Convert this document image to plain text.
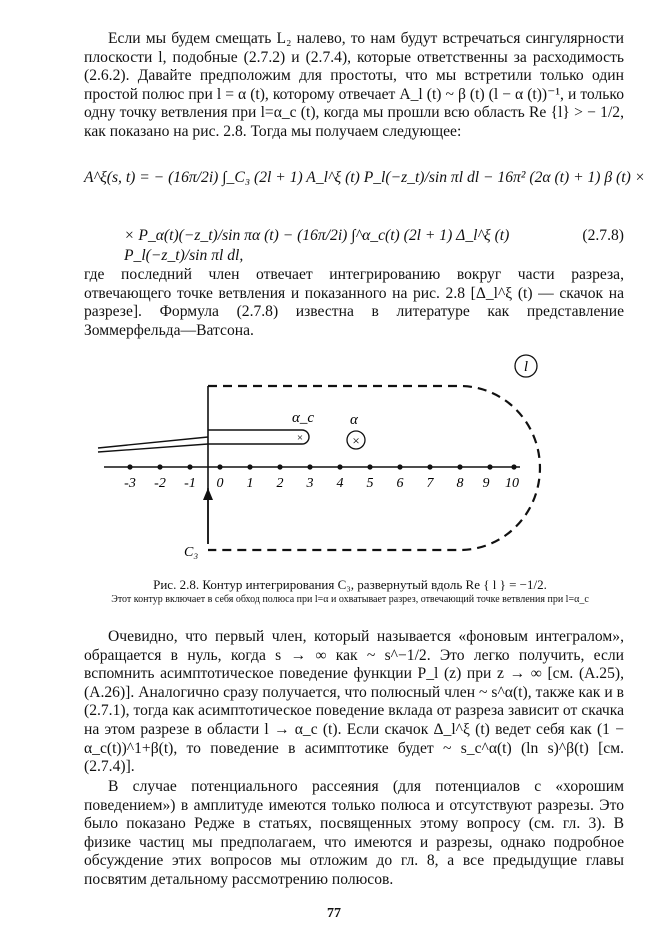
Если мы будем смещать L₂ налево, то нам будут встречаться сингулярности плоскости l, подобные (2.7.2) и (2.7.4), которые ответственны за расходимость (2.6.2). Давайте предположим для простоты, что мы встретили только один простой полюс при l = α (t), которому отвечает A_l (t) ~ β (t) (l − α (t))⁻¹, и только одну точку ветвления при l=α_c (t), когда мы прошли всю область Re {l} > − 1/2, как показано на рис. 2.8. Тогда мы получаем следующее:

A^ξ(s, t) = − (16π/2i) ∫_C₃ (2l + 1) A_l^ξ (t) P_l(−z_t)/sin πl dl − 16π² (2α (t) + 1) β (t) ×
× P_α(t)(−z_t)/sin πα (t) − (16π/2i) ∫^α_c(t) (2l + 1) Δ_l^ξ (t) P_l(−z_t)/sin πl dl,
(2.7.8)

где последний член отвечает интегрированию вокруг части разреза, отвечающего точке ветвления и показанного на рис. 2.8 [Δ_l^ξ (t) — скачок на разрезе]. Формула (2.7.8) известна в литературе как представление Зоммерфельда—Ватсона.

l
×
α_c
×
α
-3 -2 -1 0 1 2 3 4 5 6 7 8 9 10
C₃

Рис. 2.8. Контур интегрирования C₃, развернутый вдоль Re { l } = −1/2.

Этот контур включает в себя обход полюса при l=α и охватывает разрез, отвечающий точке ветвления при l=α_c

Очевидно, что первый член, который называется «фоновым интегралом», обращается в нуль, когда s → ∞ как ~ s^−1/2. Это легко получить, если вспомнить асимптотическое поведение функции P_l (z) при z → ∞ [см. (А.25), (А.26)]. Аналогично сразу получается, что полюсный член ~ s^α(t), также как и в (2.7.1), тогда как асимптотическое поведение вклада от разреза зависит от скачка на этом разрезе в области l → α_c (t). Если скачок Δ_l^ξ (t) ведет себя как (1 − α_c(t))^1+β(t), то поведение в асимптотике будет ~ s_c^α(t) (ln s)^β(t) [см. (2.7.4)].

В случае потенциального рассеяния (для потенциалов с «хорошим поведением») в амплитуде имеются только полюса и отсутствуют разрезы. Это было показано Редже в статьях, посвященных этому вопросу (см. гл. 3). В физике частиц мы предполагаем, что имеются и разрезы, однако подробное обсуждение этих вопросов мы отложим до гл. 8, а все предыдущие главы посвятим детальному рассмотрению полюсов.

77
